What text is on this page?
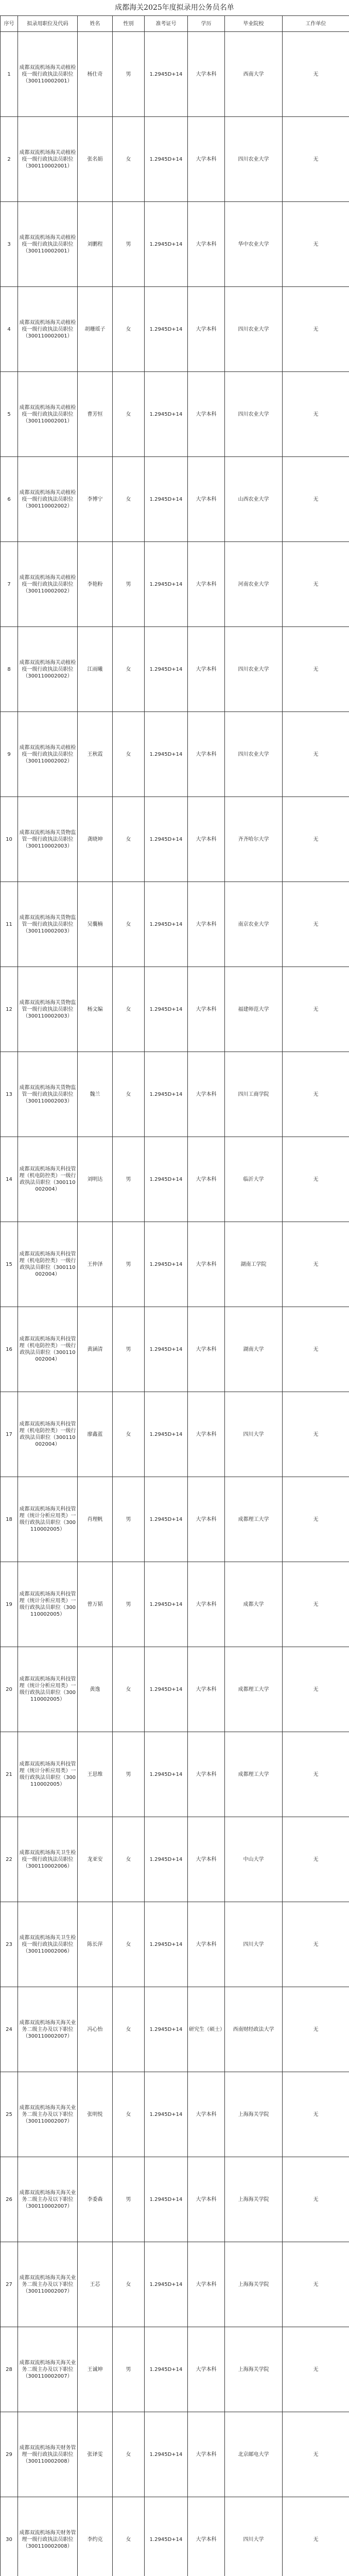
成都海关2025年度拟录用公务员名单
序号	拟录用职位及代码	姓名	性别	准考证号	学历	毕业院校	工作单位
1	成都双流机场海关动植检疫一级行政执法员职位（300110002001）	杨仕奇	男	1.2945D+14	大学本科	西南大学	无
2	成都双流机场海关动植检疫一级行政执法员职位（300110002001）	张名娟	女	1.2945D+14	大学本科	四川农业大学	无
3	成都双流机场海关动植检疫一级行政执法员职位（300110002001）	刘鹏程	男	1.2945D+14	大学本科	华中农业大学	无
4	成都双流机场海关动植检疫一级行政执法员职位（300110002001）	胡珊瑶子	女	1.2945D+14	大学本科	四川农业大学	无
5	成都双流机场海关动植检疫一级行政执法员职位（300110002001）	曹芳恒	女	1.2945D+14	大学本科	四川农业大学	无
6	成都双流机场海关动植检疫一级行政执法员职位（300110002002）	李博宁	女	1.2945D+14	大学本科	山西农业大学	无
7	成都双流机场海关动植检疫一级行政执法员职位（300110002002）	李艳粉	男	1.2945D+14	大学本科	河南农业大学	无
8	成都双流机场海关动植检疫一级行政执法员职位（300110002002）	江雨曦	女	1.2945D+14	大学本科	四川农业大学	无
9	成都双流机场海关动植检疫一级行政执法员职位（300110002002）	王秋霞	女	1.2945D+14	大学本科	四川农业大学	无
10	成都双流机场海关货物监管一级行政执法员职位（300110002003）	龚晓坤	女	1.2945D+14	大学本科	齐齐哈尔大学	无
11	成都双流机场海关货物监管一级行政执法员职位（300110002003）	吴囊楠	女	1.2945D+14	大学本科	南京农业大学	无
12	成都双流机场海关货物监管一级行政执法员职位（300110002003）	杨文编	女	1.2945D+14	大学本科	福建师范大学	无
13	成都双流机场海关货物监管一级行政执法员职位（300110002003）	魏兰	女	1.2945D+14	大学本科	四川工商学院	无
14	成都双流机场海关科技管理（机电防控类）一级行政执法员职位（300110002004）	刘明达	男	1.2945D+14	大学本科	临沂大学	无
15	成都双流机场海关科技管理（机电防控类）一级行政执法员职位（300110002004）	王仲泽	男	1.2945D+14	大学本科	湖南工学院	无
16	成都双流机场海关科技管理（机电防控类）一级行政执法员职位（300110002004）	黄涵清	男	1.2945D+14	大学本科	湖南大学	无
17	成都双流机场海关科技管理（机电防控类）一级行政执法员职位（300110002004）	廖鑫蓝	女	1.2945D+14	大学本科	四川大学	无
18	成都双流机场海关科技管理（统计分析应用类）一级行政执法员职位（300110002005）	肖理帆	男	1.2945D+14	大学本科	成都理工大学	无
19	成都双流机场海关科技管理（统计分析应用类）一级行政执法员职位（300110002005）	曾万韬	男	1.2945D+14	大学本科	成都大学	无
20	成都双流机场海关科技管理（统计分析应用类）一级行政执法员职位（300110002005）	黄逸	女	1.2945D+14	大学本科	成都理工大学	无
21	成都双流机场海关科技管理（统计分析应用类）一级行政执法员职位（300110002005）	王思维	男	1.2945D+14	大学本科	成都理工大学	无
22	成都双流机场海关卫生检疫一级行政执法员职位（300110002006）	龙亚安	女	1.2945D+14	大学本科	中山大学	无
23	成都双流机场海关卫生检疫一级行政执法员职位（300110002006）	陈长萍	女	1.2945D+14	大学本科	四川大学	无
24	成都双流机场海关海关业务二级主办及以下职位（300110002007）	冯心怡	女	1.2945D+14	研究生（硕士）	西南财经政法大学	无
25	成都双流机场海关海关业务二级主办及以下职位（300110002007）	张明悦	女	1.2945D+14	大学本科	上海海关学院	无
26	成都双流机场海关海关业务二级主办及以下职位（300110002007）	李委森	男	1.2945D+14	大学本科	上海海关学院	无
27	成都双流机场海关海关业务二级主办及以下职位（300110002007）	王芯	女	1.2945D+14	大学本科	上海海关学院	无
28	成都双流机场海关海关业务二级主办及以下职位（300110002007）	王诚坤	男	1.2945D+14	大学本科	上海海关学院	无
29	成都双流机场海关财务管理一级行政执法员职位（300110002008）	张译雯	女	1.2945D+14	大学本科	北京邮电大学	无
30	成都双流机场海关财务管理一级行政执法员职位（300110002008）	李约克	女	1.2945D+14	大学本科	四川大学	无
